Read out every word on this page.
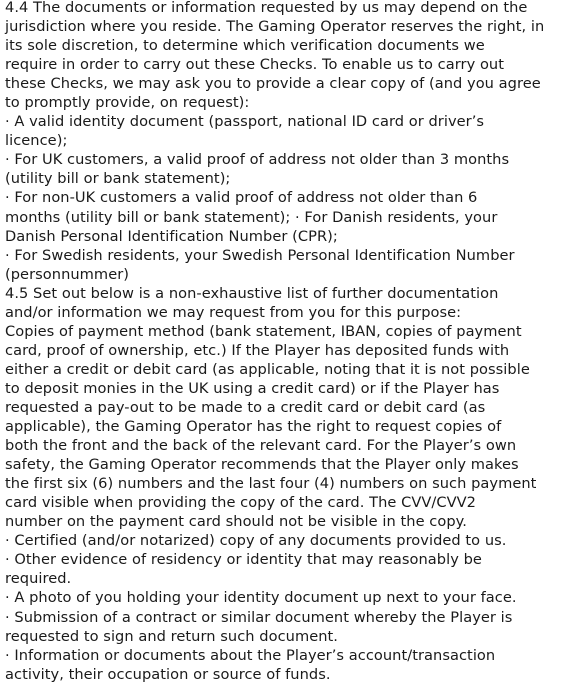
4.4 The documents or information requested by us may depend on the
jurisdiction where you reside. The Gaming Operator reserves the right, in
its sole discretion, to determine which verification documents we
require in order to carry out these Checks. To enable us to carry out
these Checks, we may ask you to provide a clear copy of (and you agree
to promptly provide, on request):
· A valid identity document (passport, national ID card or driver’s
licence);
· For UK customers, a valid proof of address not older than 3 months
(utility bill or bank statement);
· For non-UK customers a valid proof of address not older than 6
months (utility bill or bank statement); · For Danish residents, your
Danish Personal Identification Number (CPR);
· For Swedish residents, your Swedish Personal Identification Number
(personnummer)
4.5 Set out below is a non-exhaustive list of further documentation
and/or information we may request from you for this purpose:
Copies of payment method (bank statement, IBAN, copies of payment
card, proof of ownership, etc.) If the Player has deposited funds with
either a credit or debit card (as applicable, noting that it is not possible
to deposit monies in the UK using a credit card) or if the Player has
requested a pay-out to be made to a credit card or debit card (as
applicable), the Gaming Operator has the right to request copies of
both the front and the back of the relevant card. For the Player’s own
safety, the Gaming Operator recommends that the Player only makes
the first six (6) numbers and the last four (4) numbers on such payment
card visible when providing the copy of the card. The CVV/CVV2
number on the payment card should not be visible in the copy.
· Certified (and/or notarized) copy of any documents provided to us.
· Other evidence of residency or identity that may reasonably be
required.
· A photo of you holding your identity document up next to your face.
· Submission of a contract or similar document whereby the Player is
requested to sign and return such document.
· Information or documents about the Player’s account/transaction
activity, their occupation or source of funds.
